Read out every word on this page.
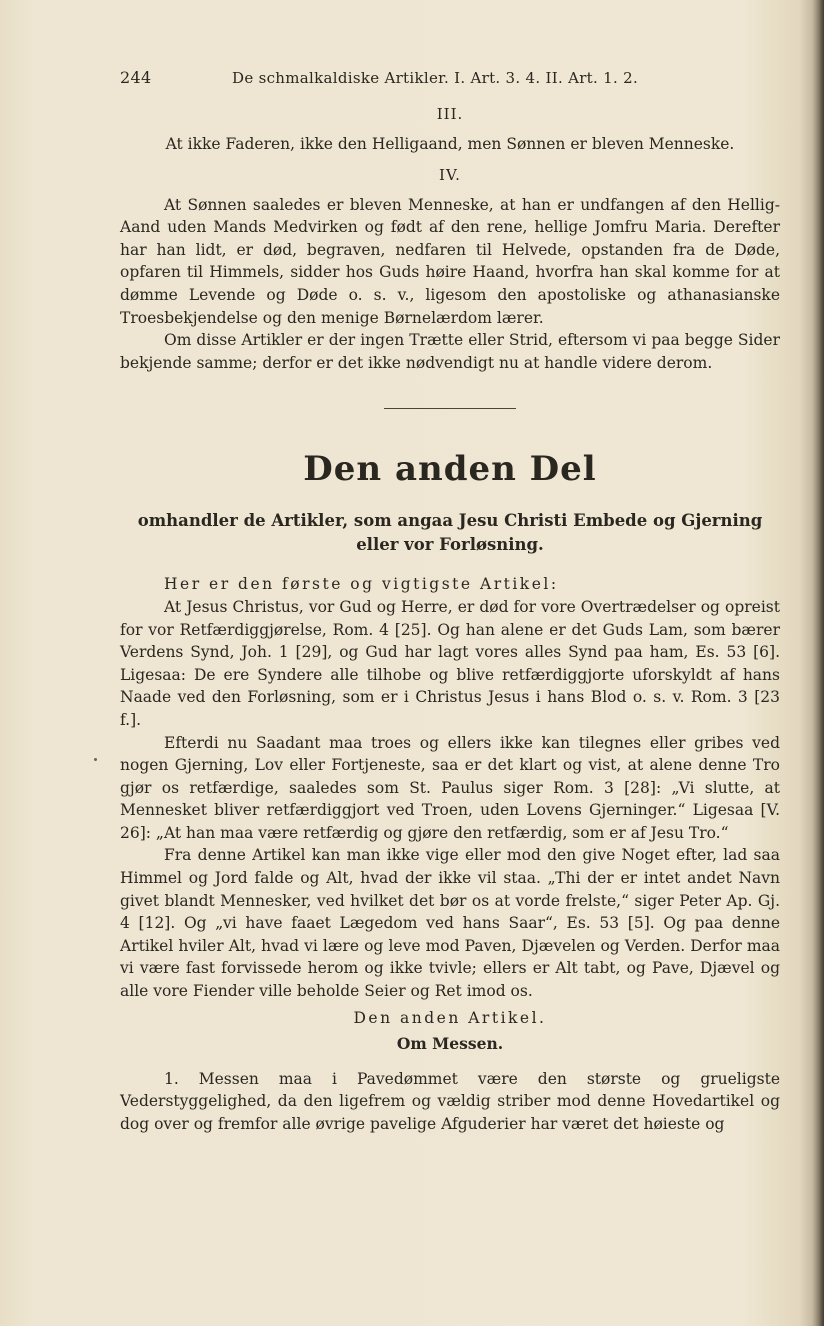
244	De schmalkaldiske Artikler. I. Art. 3. 4. II. Art. 1. 2.
III.

At ikke Faderen, ikke den Helligaand, men Sønnen er bleven Menneske.

IV.

At Sønnen saaledes er bleven Menneske, at han er undfangen af den Hellig-Aand uden Mands Medvirken og født af den rene, hellige Jomfru Maria. Derefter har han lidt, er død, begraven, nedfaren til Helvede, opstanden fra de Døde, opfaren til Himmels, sidder hos Guds høire Haand, hvorfra han skal komme for at dømme Levende og Døde o. s. v., ligesom den apostoliske og athanasianske Troesbekjendelse og den menige Børnelærdom lærer.

Om disse Artikler er der ingen Trætte eller Strid, eftersom vi paa begge Sider bekjende samme; derfor er det ikke nødvendigt nu at handle videre derom.

Den anden Del
omhandler de Artikler, som angaa Jesu Christi Embede og Gjerning
eller vor Forløsning.

Her er den første og vigtigste Artikel:

At Jesus Christus, vor Gud og Herre, er død for vore Overtrædelser og opreist for vor Retfærdiggjørelse, Rom. 4 [25]. Og han alene er det Guds Lam, som bærer Verdens Synd, Joh. 1 [29], og Gud har lagt vores alles Synd paa ham, Es. 53 [6]. Ligesaa: De ere Syndere alle tilhobe og blive retfærdiggjorte uforskyldt af hans Naade ved den Forløsning, som er i Christus Jesus i hans Blod o. s. v. Rom. 3 [23 f.].

Efterdi nu Saadant maa troes og ellers ikke kan tilegnes eller gribes ved nogen Gjerning, Lov eller Fortjeneste, saa er det klart og vist, at alene denne Tro gjør os retfærdige, saaledes som St. Paulus siger Rom. 3 [28]: „Vi slutte, at Mennesket bliver retfærdiggjort ved Troen, uden Lovens Gjerninger.“ Ligesaa [V. 26]: „At han maa være retfærdig og gjøre den retfærdig, som er af Jesu Tro.“

Fra denne Artikel kan man ikke vige eller mod den give Noget efter, lad saa Himmel og Jord falde og Alt, hvad der ikke vil staa. „Thi der er intet andet Navn givet blandt Mennesker, ved hvilket det bør os at vorde frelste,“ siger Peter Ap. Gj. 4 [12]. Og „vi have faaet Lægedom ved hans Saar“, Es. 53 [5]. Og paa denne Artikel hviler Alt, hvad vi lære og leve mod Paven, Djævelen og Verden. Derfor maa vi være fast forvissede herom og ikke tvivle; ellers er Alt tabt, og Pave, Djævel og alle vore Fiender ville beholde Seier og Ret imod os.

Den anden Artikel.
Om Messen.

1. Messen maa i Pavedømmet være den største og grueligste Vederstyggelighed, da den ligefrem og vældig striber mod denne Hovedartikel og dog over og fremfor alle øvrige pavelige Afguderier har været det høieste og
